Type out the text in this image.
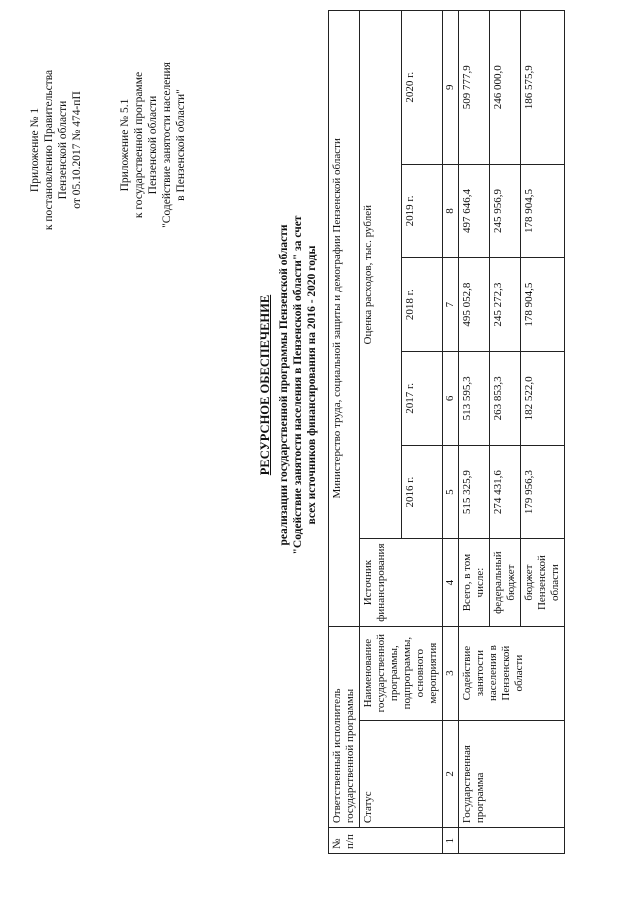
Приложение № 1 к постановлению Правительства Пензенской области от 05.10.2017 № 474-пП	Приложение № 5.1 к государственной программе Пензенской области "Содействие занятости населения в Пензенской области"
РЕСУРСНОЕ ОБЕСПЕЧЕНИЕ реализации государственной программы Пензенской области "Содействие занятости населения в Пензенской области" за счет всех источников финансирования на 2016 - 2020 годы
№ п/п	Ответственный исполнитель государственной программы		Министерство труда, социальной защиты и демографии Пензенской области					
	Статус	Наименование государственной программы, подпрограммы, основного мероприятия	Источник финансирования	Оценка расходов, тыс. рублей				
				2016 г.	2017 г.	2018 г.	2019 г.	2020 г.
1	2	3	4	5	6	7	8	9
	Государственная программа	Содействие занятости населения в Пензенской области	Всего, в том числе:	515 325,9	513 595,3	495 052,8	497 646,4	509 777,9
			федеральный бюджет	274 431,6	263 853,3	245 272,3	245 956,9	246 000,0
			бюджет Пензенской области	179 956,3	182 522,0	178 904,5	178 904,5	186 575,9
